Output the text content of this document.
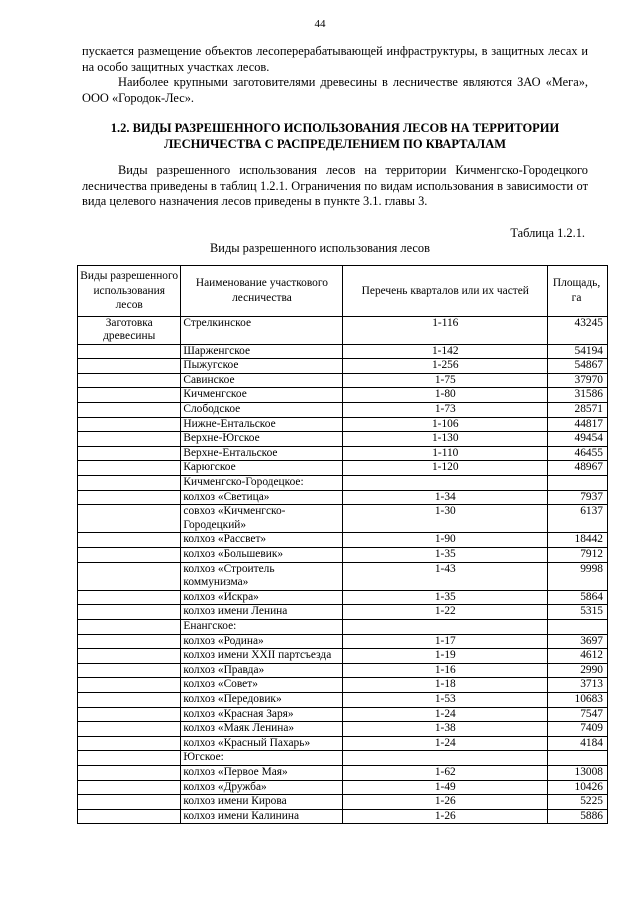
44

пускается размещение объектов лесоперерабатывающей инфраструктуры, в защитных лесах и на особо защитных участках лесов.

Наиболее крупными заготовителями древесины в лесничестве являются ЗАО «Мега», ООО «Городок-Лес».

1.2. ВИДЫ РАЗРЕШЕННОГО ИСПОЛЬЗОВАНИЯ ЛЕСОВ НА ТЕРРИТОРИИ ЛЕСНИЧЕСТВА С РАСПРЕДЕЛЕНИЕМ ПО КВАРТАЛАМ

Виды разрешенного использования лесов на территории Кичменгско-Городецкого лесничества приведены в таблиц 1.2.1. Ограничения по видам использования в зависимости от вида целевого назначения лесов приведены в пункте 3.1. главы 3.

Таблица 1.2.1.
Виды разрешенного использования лесов
Виды разрешенного использования лесов	Наименование участкового лесничества	Перечень кварталов или их частей	Площадь, га
Заготовка древесины	Стрелкинское	1-116	43245
	Шарженгское	1-142	54194
	Пыжугское	1-256	54867
	Савинское	1-75	37970
	Кичменгское	1-80	31586
	Слободское	1-73	28571
	Нижне-Ентальское	1-106	44817
	Верхне-Югское	1-130	49454
	Верхне-Ентальское	1-110	46455
	Карюгское	1-120	48967
	Кичменгско-Городецкое:		
	колхоз «Светица»	1-34	7937
	совхоз «Кичменгско-Городецкий»	1-30	6137
	колхоз «Рассвет»	1-90	18442
	колхоз «Большевик»	1-35	7912
	колхоз «Строитель коммунизма»	1-43	9998
	колхоз «Искра»	1-35	5864
	колхоз имени Ленина	1-22	5315
	Енангское:		
	колхоз «Родина»	1-17	3697
	колхоз имени XXII партсъезда	1-19	4612
	колхоз «Правда»	1-16	2990
	колхоз «Совет»	1-18	3713
	колхоз «Передовик»	1-53	10683
	колхоз «Красная Заря»	1-24	7547
	колхоз «Маяк Ленина»	1-38	7409
	колхоз «Красный Пахарь»	1-24	4184
	Югское:		
	колхоз «Первое Мая»	1-62	13008
	колхоз «Дружба»	1-49	10426
	колхоз имени Кирова	1-26	5225
	колхоз имени Калинина	1-26	5886
